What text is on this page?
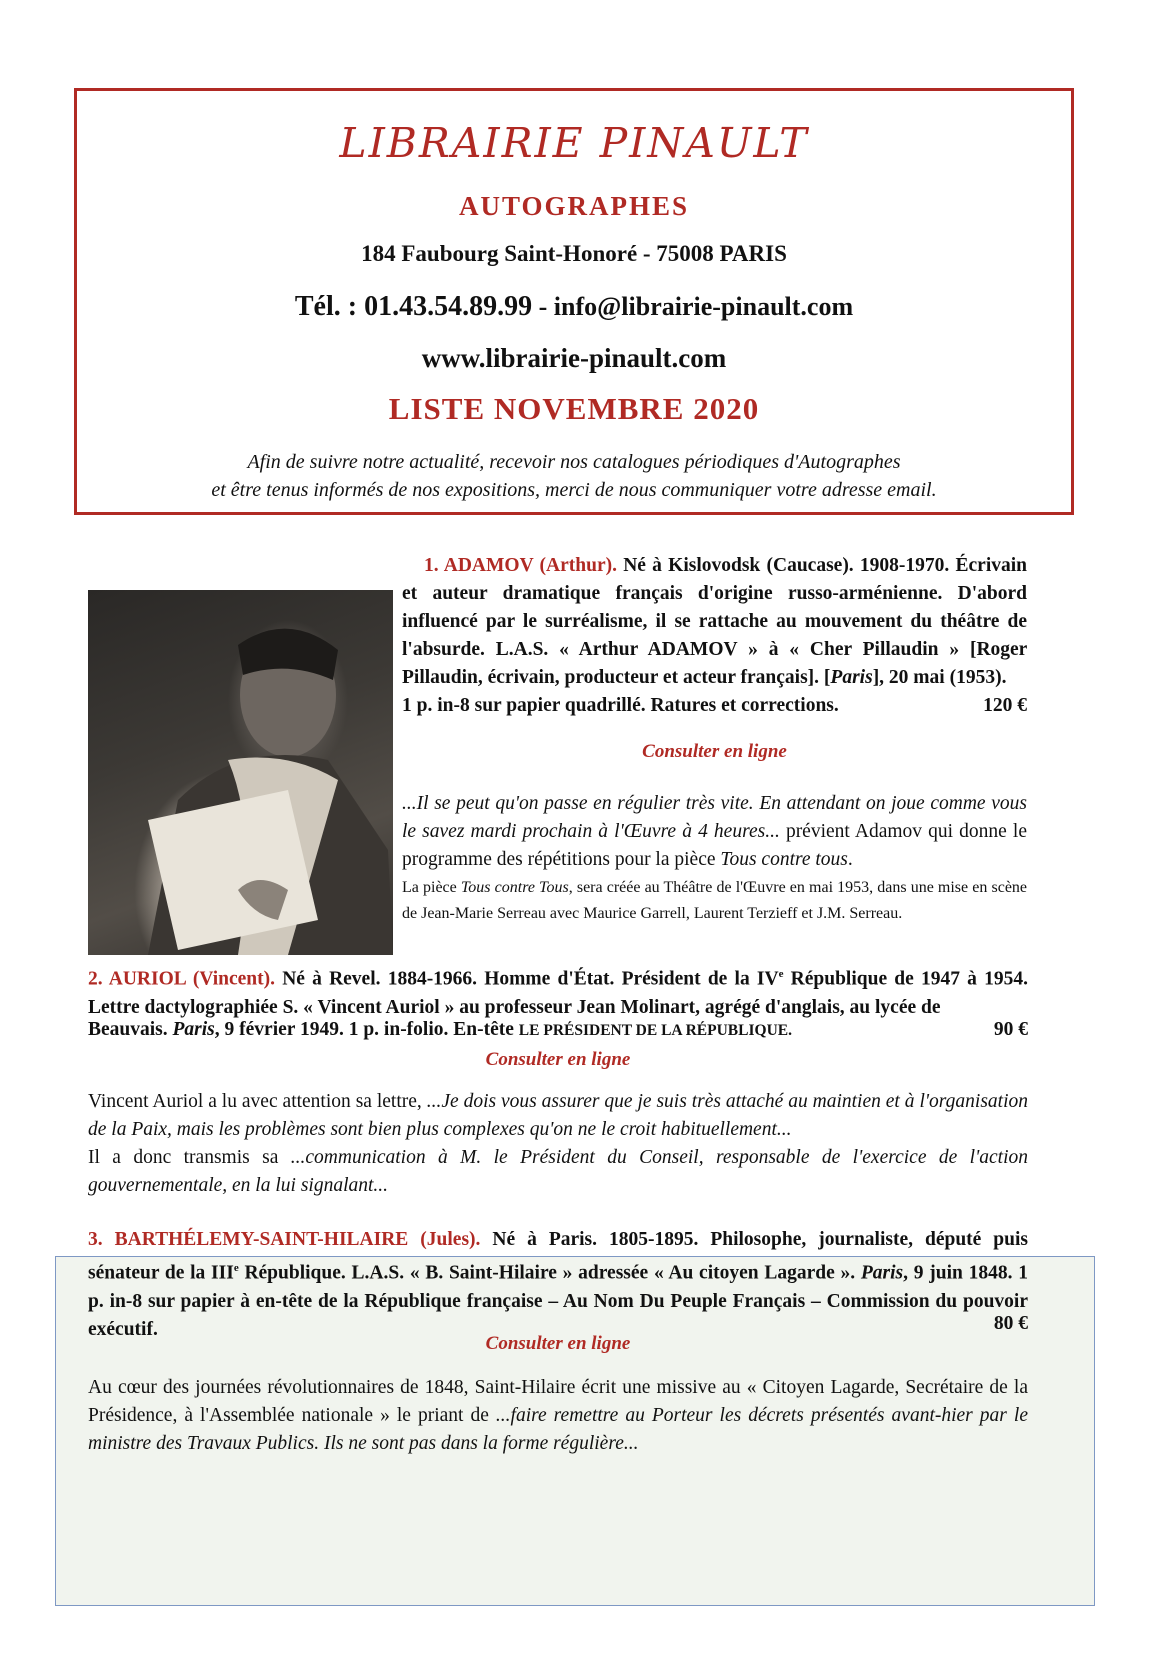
LIBRAIRIE PINAULT
AUTOGRAPHES
184 Faubourg Saint-Honoré - 75008 PARIS
Tél. : 01.43.54.89.99 - info@librairie-pinault.com
www.librairie-pinault.com
LISTE NOVEMBRE 2020
Afin de suivre notre actualité, recevoir nos catalogues périodiques d'Autographes
et être tenus informés de nos expositions, merci de nous communiquer votre adresse email.

1. ADAMOV (Arthur). Né à Kislovodsk (Caucase). 1908-1970. Écrivain et auteur dramatique français d'origine russo-arménienne. D'abord influencé par le surréalisme, il se rattache au mouvement du théâtre de l'absurde. L.A.S. « Arthur ADAMOV » à « Cher Pillaudin » [Roger Pillaudin, écrivain, producteur et acteur français]. [Paris], 20 mai (1953).

1 p. in-8 sur papier quadrillé. Ratures et corrections.	120 €
Consulter en ligne

...Il se peut qu'on passe en régulier très vite. En attendant on joue comme vous le savez mardi prochain à l'Œuvre à 4 heures... prévient Adamov qui donne le programme des répétitions pour la pièce Tous contre tous.

La pièce Tous contre Tous, sera créée au Théâtre de l'Œuvre en mai 1953, dans une mise en scène de Jean-Marie Serreau avec Maurice Garrell, Laurent Terzieff et J.M. Serreau.

2. AURIOL (Vincent). Né à Revel. 1884-1966. Homme d'État. Président de la IVe République de 1947 à 1954. Lettre dactylographiée S. « Vincent Auriol » au professeur Jean Molinart, agrégé d'anglais, au lycée de

Beauvais. Paris, 9 février 1949. 1 p. in-folio. En-tête LE PRÉSIDENT DE LA RÉPUBLIQUE.	90 €
Consulter en ligne

Vincent Auriol a lu avec attention sa lettre, ...Je dois vous assurer que je suis très attaché au maintien et à l'organisation de la Paix, mais les problèmes sont bien plus complexes qu'on ne le croit habituellement...
Il a donc transmis sa ...communication à M. le Président du Conseil, responsable de l'exercice de l'action gouvernementale, en la lui signalant...

3. BARTHÉLEMY-SAINT-HILAIRE (Jules). Né à Paris. 1805-1895. Philosophe, journaliste, député puis sénateur de la IIIe République. L.A.S. « B. Saint-Hilaire » adressée « Au citoyen Lagarde ». Paris, 9 juin 1848. 1 p. in-8 sur papier à en-tête de la République française – Au Nom Du Peuple Français – Commission du pouvoir exécutif.	80 €
Consulter en ligne

Au cœur des journées révolutionnaires de 1848, Saint-Hilaire écrit une missive au « Citoyen Lagarde, Secrétaire de la Présidence, à l'Assemblée nationale » le priant de ...faire remettre au Porteur les décrets présentés avant-hier par le ministre des Travaux Publics. Ils ne sont pas dans la forme régulière...
